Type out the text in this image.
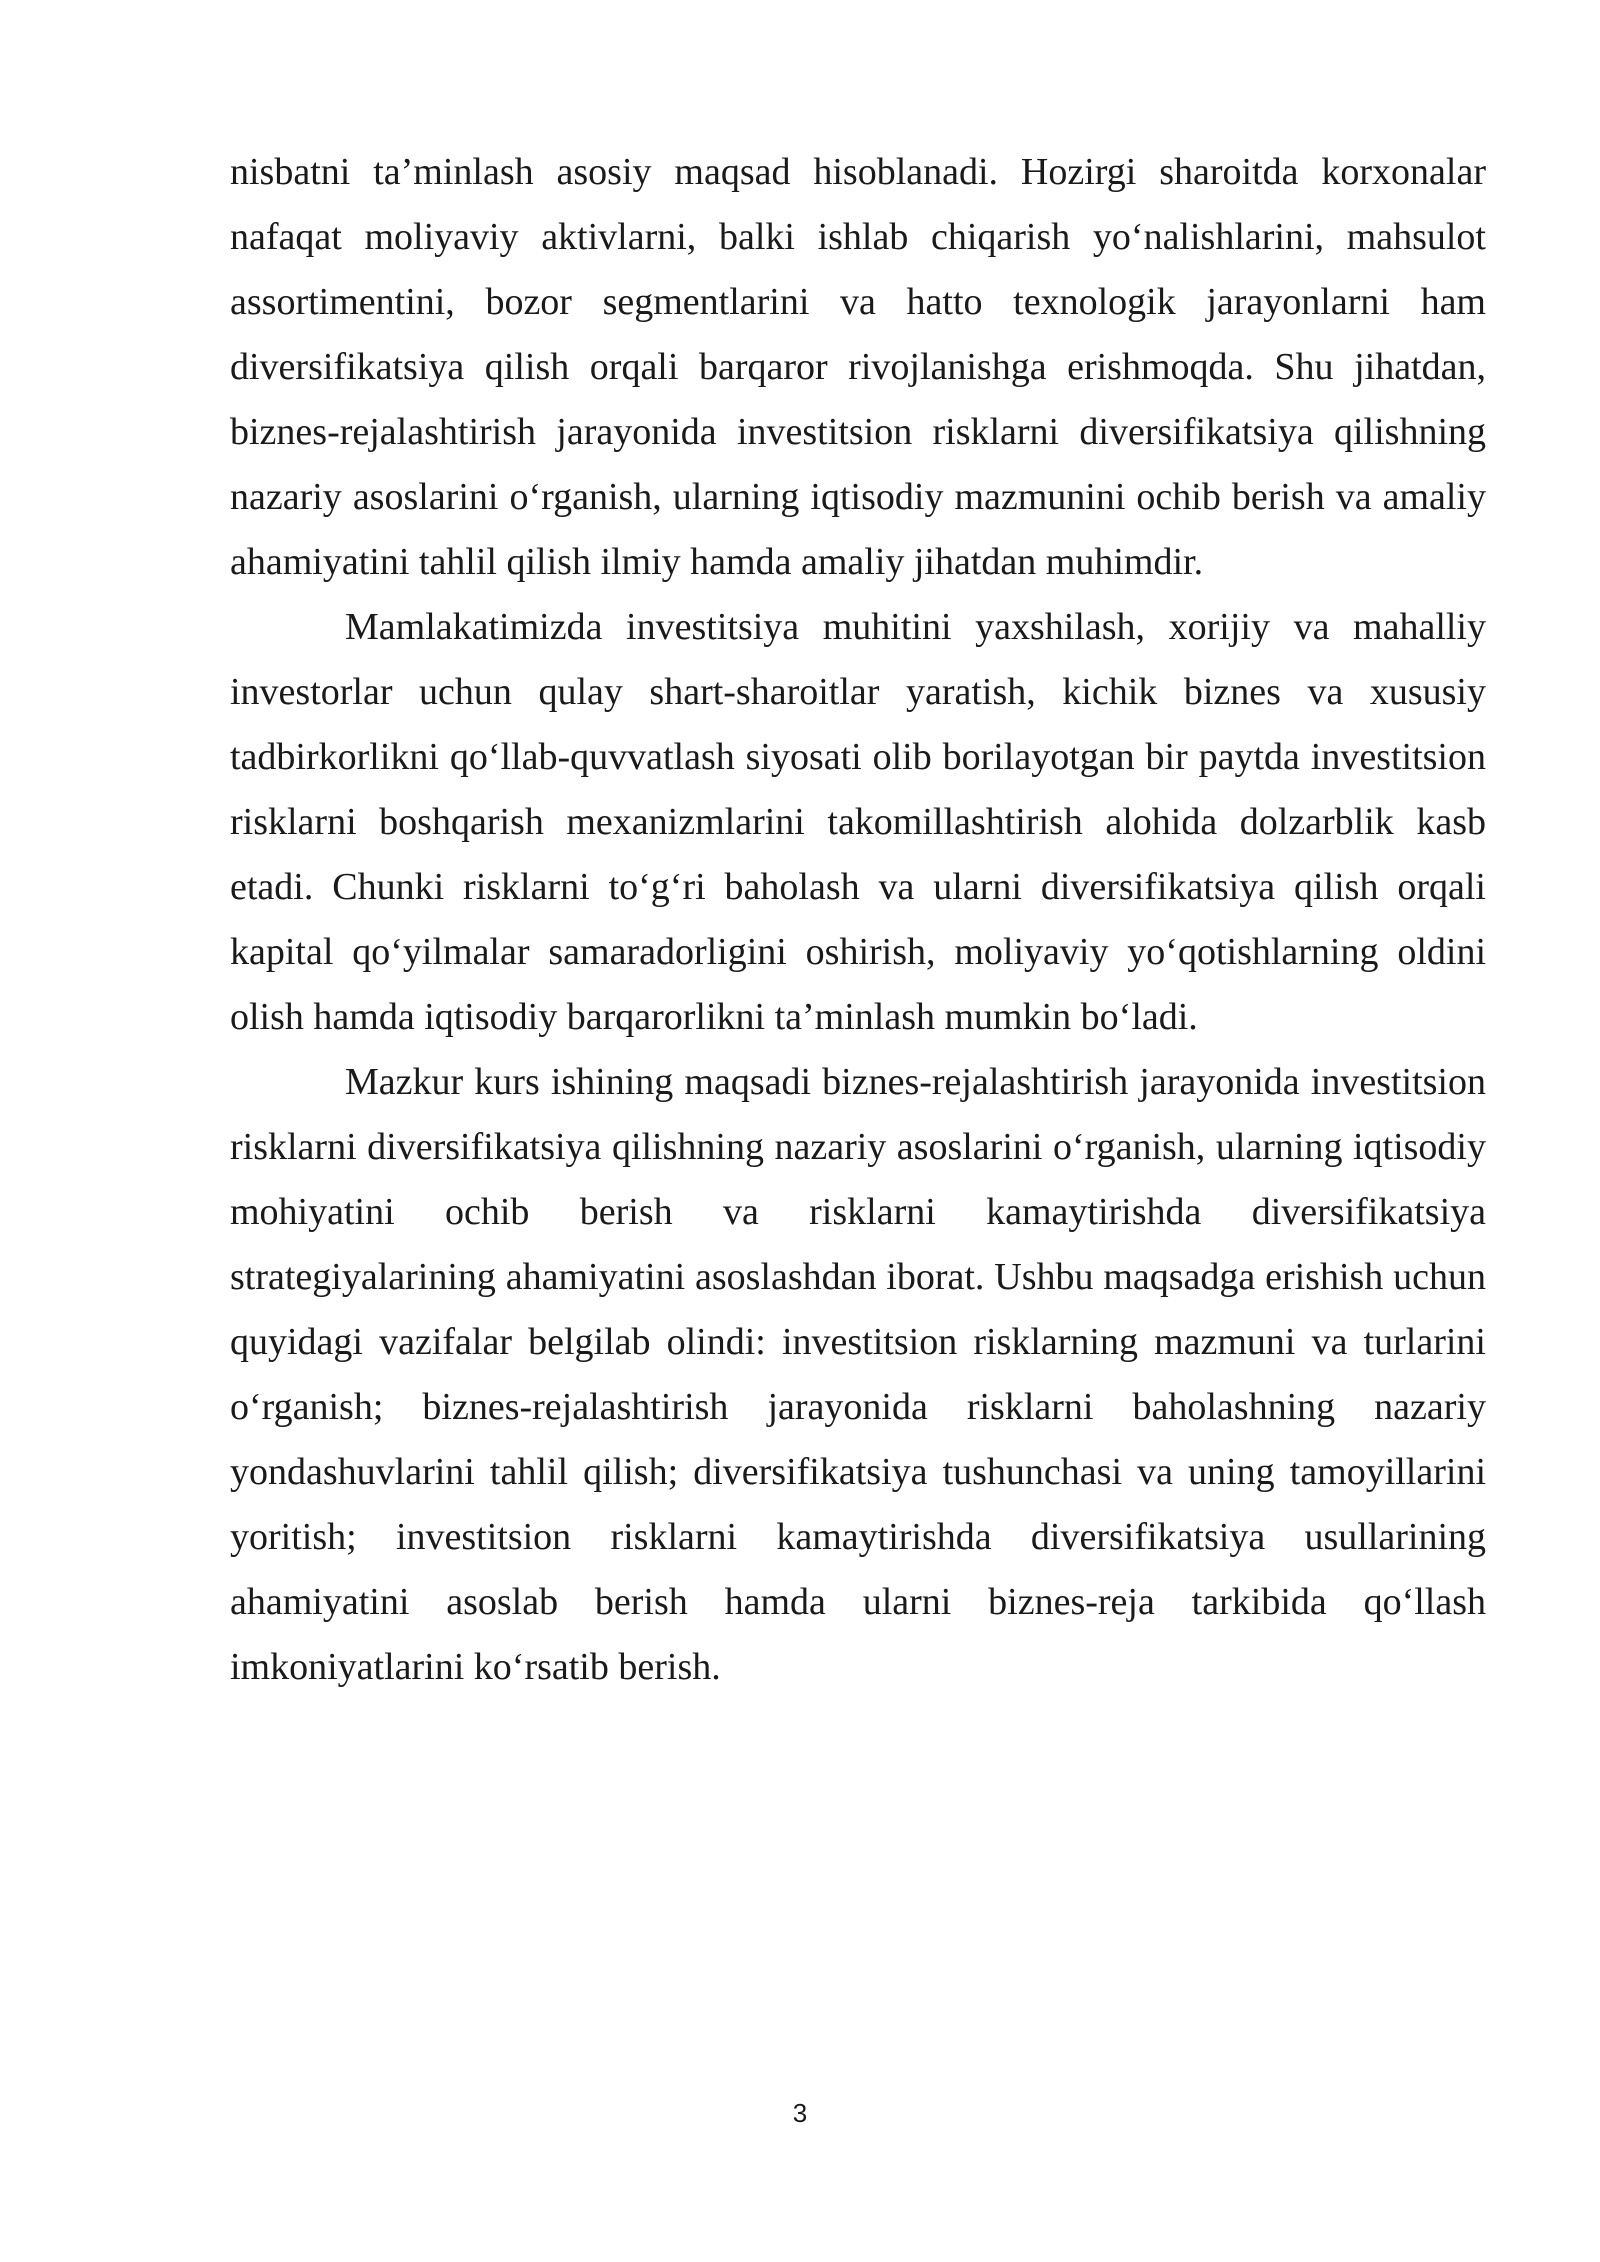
nisbatni ta’minlash asosiy maqsad hisoblanadi. Hozirgi sharoitda korxonalar nafaqat moliyaviy aktivlarni, balki ishlab chiqarish yo‘nalishlarini, mahsulot assortimentini, bozor segmentlarini va hatto texnologik jarayonlarni ham diversifikatsiya qilish orqali barqaror rivojlanishga erishmoqda. Shu jihatdan, biznes-rejalashtirish jarayonida investitsion risklarni diversifikatsiya qilishning nazariy asoslarini o‘rganish, ularning iqtisodiy mazmunini ochib berish va amaliy ahamiyatini tahlil qilish ilmiy hamda amaliy jihatdan muhimdir.

Mamlakatimizda investitsiya muhitini yaxshilash, xorijiy va mahalliy investorlar uchun qulay shart-sharoitlar yaratish, kichik biznes va xususiy tadbirkorlikni qo‘llab-quvvatlash siyosati olib borilayotgan bir paytda investitsion risklarni boshqarish mexanizmlarini takomillashtirish alohida dolzarblik kasb etadi. Chunki risklarni to‘g‘ri baholash va ularni diversifikatsiya qilish orqali kapital qo‘yilmalar samaradorligini oshirish, moliyaviy yo‘qotishlarning oldini olish hamda iqtisodiy barqarorlikni ta’minlash mumkin bo‘ladi.

Mazkur kurs ishining maqsadi biznes-rejalashtirish jarayonida investitsion risklarni diversifikatsiya qilishning nazariy asoslarini o‘rganish, ularning iqtisodiy mohiyatini ochib berish va risklarni kamaytirishda diversifikatsiya strategiyalarining ahamiyatini asoslashdan iborat. Ushbu maqsadga erishish uchun quyidagi vazifalar belgilab olindi: investitsion risklarning mazmuni va turlarini o‘rganish; biznes-rejalashtirish jarayonida risklarni baholashning nazariy yondashuvlarini tahlil qilish; diversifikatsiya tushunchasi va uning tamoyillarini yoritish; investitsion risklarni kamaytirishda diversifikatsiya usullarining ahamiyatini asoslab berish hamda ularni biznes-reja tarkibida qo‘llash imkoniyatlarini ko‘rsatib berish.

3
